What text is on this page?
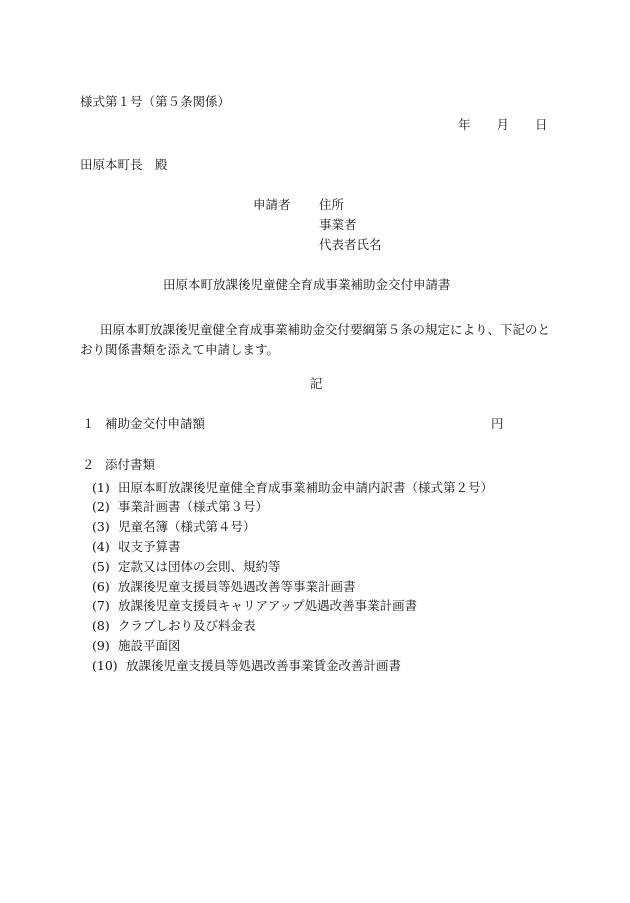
様式第１号（第５条関係）
年 月 日
田原本町長　殿
申請者 住所
事業者
代表者氏名
田原本町放課後児童健全育成事業補助金交付申請書
田原本町放課後児童健全育成事業補助金交付要綱第５条の規定により、下記のとおり関係書類を添えて申請します。
記
１ 補助金交付申請額	円
２ 添付書類
(1) 田原本町放課後児童健全育成事業補助金申請内訳書（様式第２号）
(2) 事業計画書（様式第３号）
(3) 児童名簿（様式第４号）
(4) 収支予算書
(5) 定款又は団体の会則、規約等
(6) 放課後児童支援員等処遇改善等事業計画書
(7) 放課後児童支援員キャリアアップ処遇改善事業計画書
(8) クラブしおり及び料金表
(9) 施設平面図
(10) 放課後児童支援員等処遇改善事業賃金改善計画書
